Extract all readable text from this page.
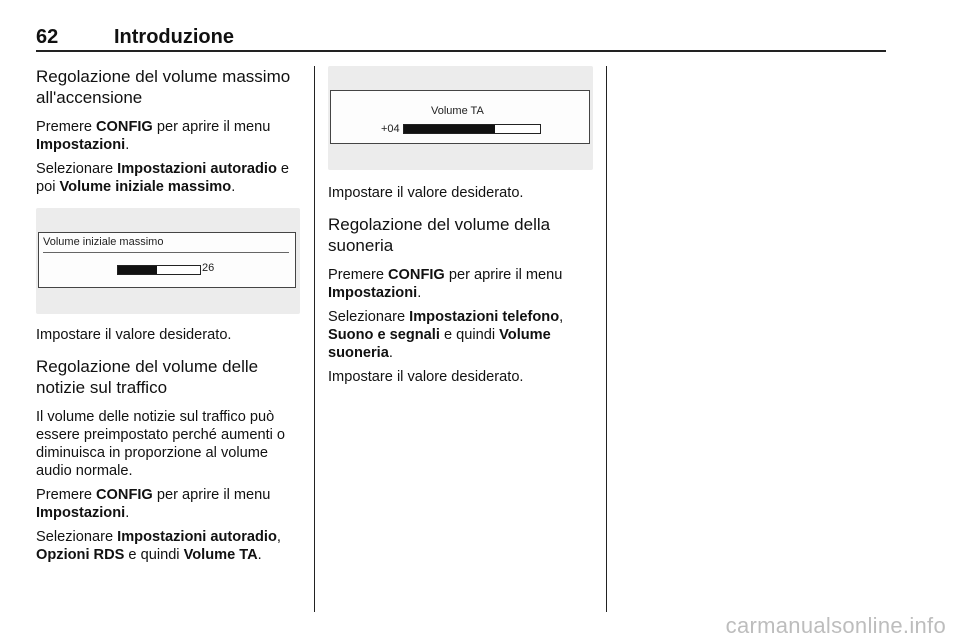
62	Introduzione
Regolazione del volume massimo all'accensione

Premere CONFIG per aprire il menu Impostazioni.

Selezionare Impostazioni autoradio e poi Volume iniziale massimo.

Volume iniziale massimo
26

Impostare il valore desiderato.

Regolazione del volume delle notizie sul traffico

Il volume delle notizie sul traffico può essere preimpostato perché aumenti o diminuisca in proporzione al volume audio normale.

Premere CONFIG per aprire il menu Impostazioni.

Selezionare Impostazioni autoradio, Opzioni RDS e quindi Volume TA.

Volume TA
+04

Impostare il valore desiderato.

Regolazione del volume della suoneria

Premere CONFIG per aprire il menu Impostazioni.

Selezionare Impostazioni telefono, Suono e segnali e quindi Volume suoneria.

Impostare il valore desiderato.

carmanualsonline.info
